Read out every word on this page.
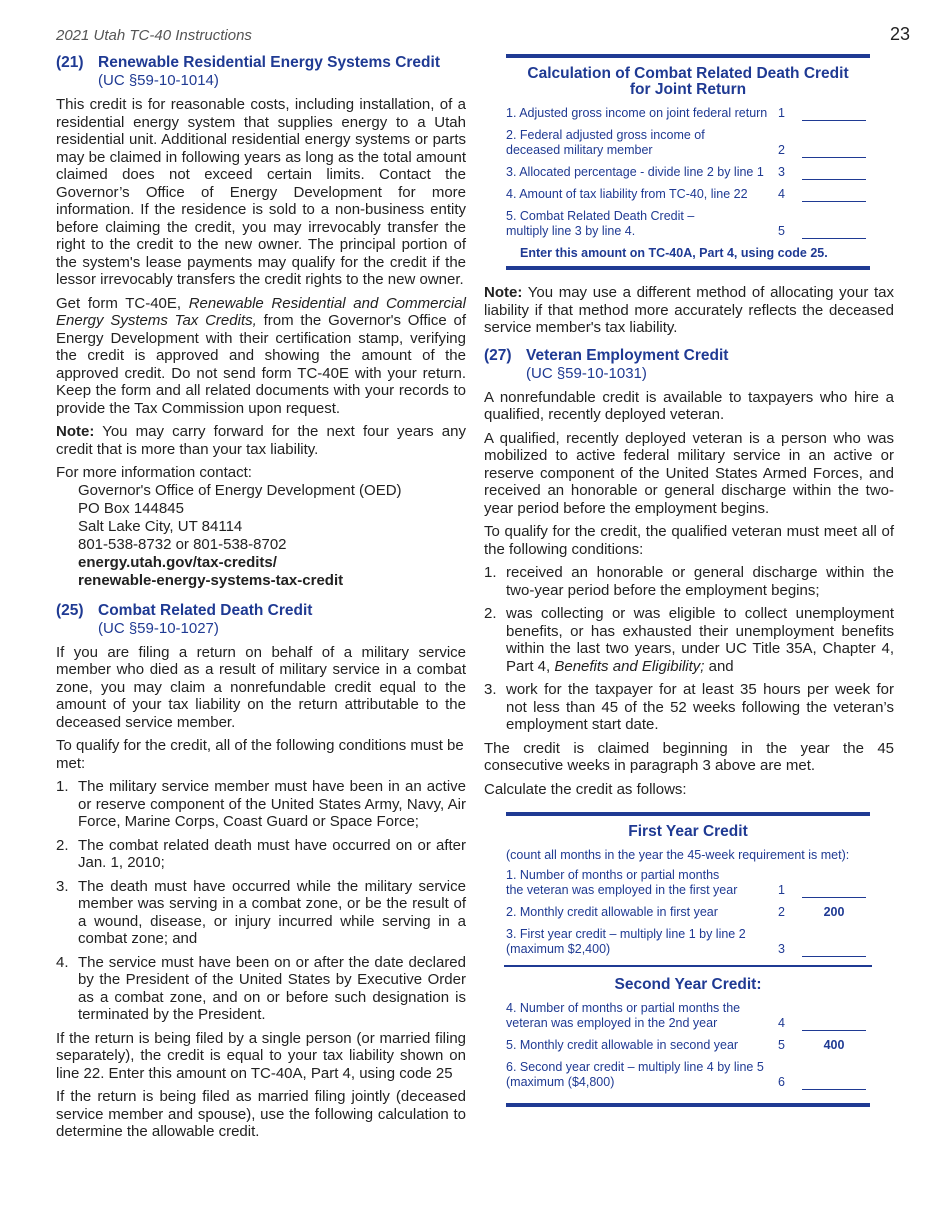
2021 Utah TC-40 Instructions	23
(21) Renewable Residential Energy Systems Credit
(UC §59-10-1014)

This credit is for reasonable costs, including installation, of a residential energy system that supplies energy to a Utah residential unit. Additional residential energy systems or parts may be claimed in following years as long as the total amount claimed does not exceed certain limits. Contact the Governor’s Office of Energy Development for more information. If the residence is sold to a non-business entity before claiming the credit, you may irrevocably transfer the right to the credit to the new owner. The principal portion of the system's lease payments may qualify for the credit if the lessor irrevocably transfers the credit rights to the new owner.

Get form TC-40E, Renewable Residential and Commercial Energy Systems Tax Credits, from the Governor's Office of Energy Development with their certification stamp, verifying the credit is approved and showing the amount of the approved credit. Do not send form TC-40E with your return. Keep the form and all related documents with your records to provide the Tax Commission upon request.

Note: You may carry forward for the next four years any credit that is more than your tax liability.

For more information contact:

Governor's Office of Energy Development (OED)
PO Box 144845
Salt Lake City, UT 84114
801-538-8732 or 801-538-8702
energy.utah.gov/tax-credits/
renewable-energy-systems-tax-credit
(25) Combat Related Death Credit
(UC §59-10-1027)

If you are filing a return on behalf of a military service member who died as a result of military service in a combat zone, you may claim a nonrefundable credit equal to the amount of your tax liability on the return attributable to the deceased service member.

To qualify for the credit, all of the following conditions must be met:

1. The military service member must have been in an active or reserve component of the United States Army, Navy, Air Force, Marine Corps, Coast Guard or Space Force;
2. The combat related death must have occurred on or after Jan. 1, 2010;
3. The death must have occurred while the military service member was serving in a combat zone, or be the result of a wound, disease, or injury incurred while serving in a combat zone; and
4. The service must have been on or after the date declared by the President of the United States by Executive Order as a combat zone, and on or before such designation is terminated by the President.

If the return is being filed by a single person (or married filing separately), the credit is equal to your tax liability shown on line 22. Enter this amount on TC-40A, Part 4, using code 25

If the return is being filed as married filing jointly (deceased service member and spouse), use the following calculation to determine the allowable credit.

Calculation of Combat Related Death Credit
for Joint Return
1. Adjusted gross income on joint federal return 1
2. Federal adjusted gross income of deceased military member	2
3. Allocated percentage - divide line 2 by line 1	3
4. Amount of tax liability from TC-40, line 22	4
5. Combat Related Death Credit – multiply line 3 by line 4.	5
Enter this amount on TC-40A, Part 4, using code 25.

Note: You may use a different method of allocating your tax liability if that method more accurately reflects the deceased service member's tax liability.

(27) Veteran Employment Credit
(UC §59-10-1031)

A nonrefundable credit is available to taxpayers who hire a qualified, recently deployed veteran.

A qualified, recently deployed veteran is a person who was mobilized to active federal military service in an active or reserve component of the United States Armed Forces, and received an honorable or general discharge within the two-year period before the employment begins.

To qualify for the credit, the qualified veteran must meet all of the following conditions:

1. received an honorable or general discharge within the two-year period before the employment begins;
2. was collecting or was eligible to collect unemployment benefits, or has exhausted their unemployment benefits within the last two years, under UC Title 35A, Chapter 4, Part 4, Benefits and Eligibility; and
3. work for the taxpayer for at least 35 hours per week for not less than 45 of the 52 weeks following the veteran’s employment start date.

The credit is claimed beginning in the year the 45 consecutive weeks in paragraph 3 above are met.

Calculate the credit as follows:

First Year Credit
(count all months in the year the 45-week requirement is met):
1. Number of months or partial months the veteran was employed in the first year	1
2. Monthly credit allowable in first year	2	200
3. First year credit – multiply line 1 by line 2 (maximum $2,400)	3
Second Year Credit:
4. Number of months or partial months the veteran was employed in the 2nd year	4
5. Monthly credit allowable in second year	5	400
6. Second year credit – multiply line 4 by line 5 (maximum ($4,800)	6
